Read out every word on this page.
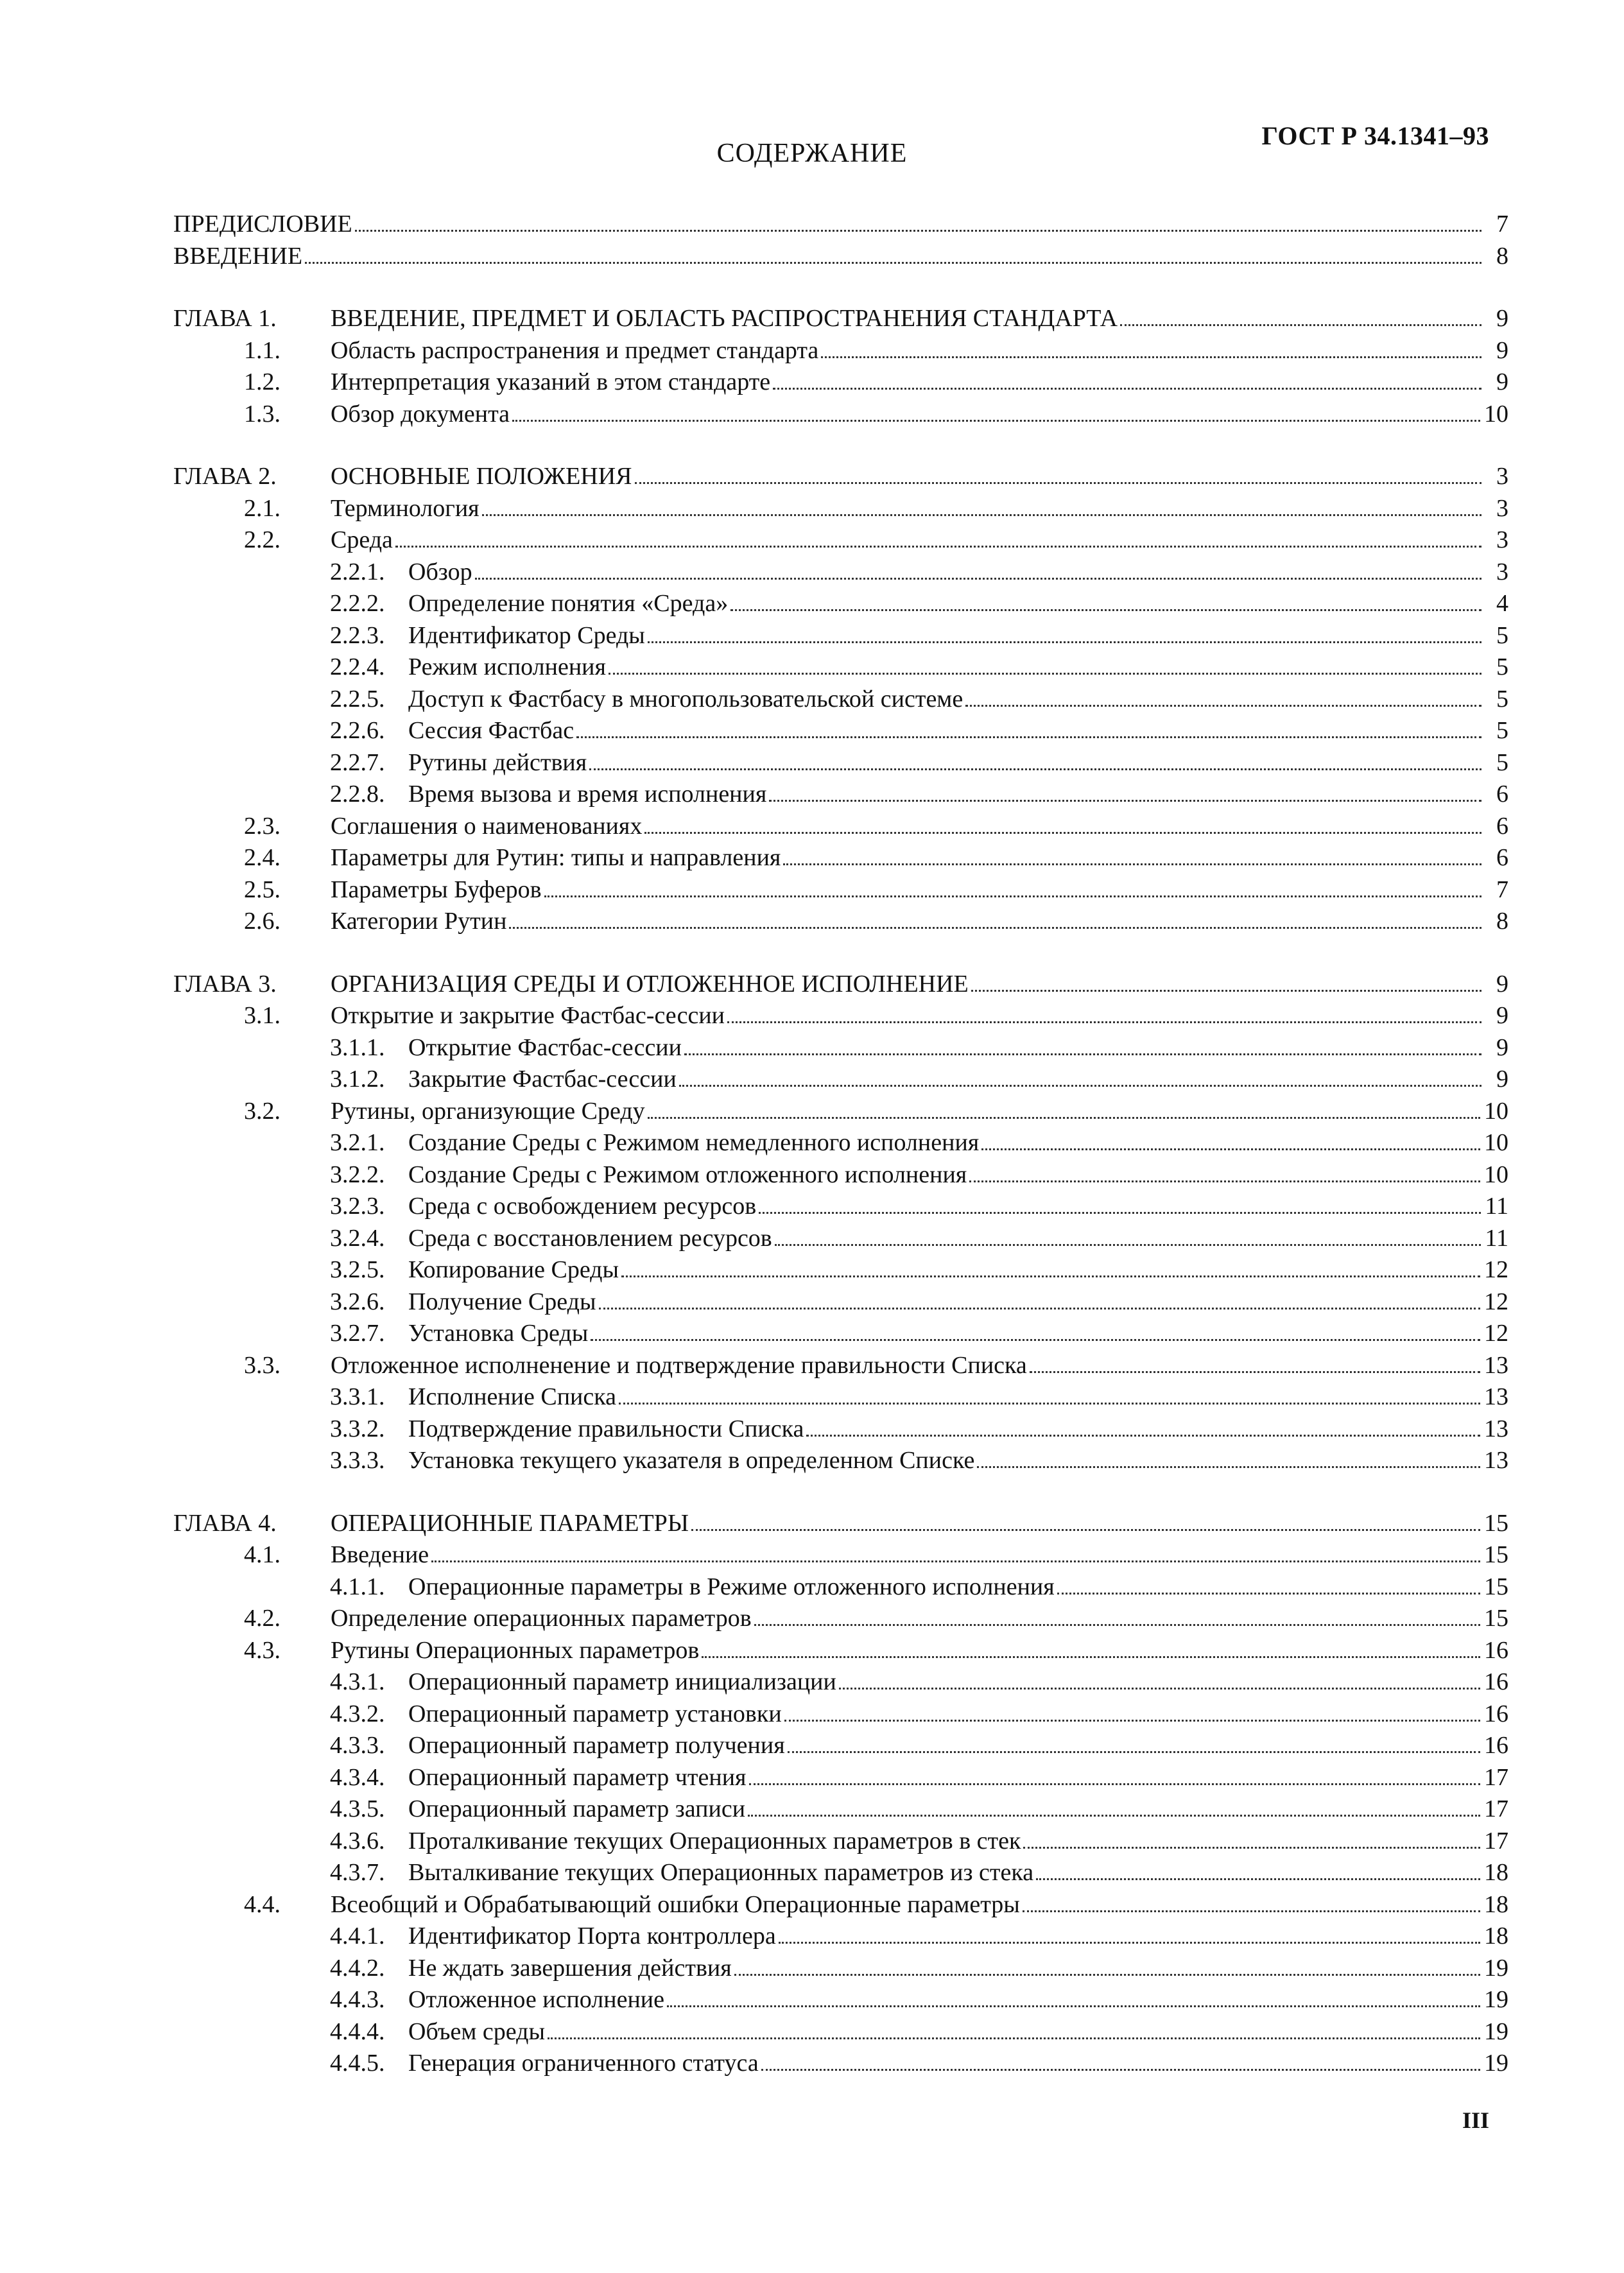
ГОСТ Р 34.1341–93
СОДЕРЖАНИЕ
ПРЕДИСЛОВИЕ	7
ВВЕДЕНИЕ	8
ГЛАВА 1. ВВЕДЕНИЕ, ПРЕДМЕТ И ОБЛАСТЬ РАСПРОСТРАНЕНИЯ СТАНДАРТА	9
1.1. Область распространения и предмет стандарта	9
1.2. Интерпретация указаний в этом стандарте	9
1.3. Обзор документа	10
ГЛАВА 2. ОСНОВНЫЕ ПОЛОЖЕНИЯ	3
2.1. Терминология	3
2.2. Среда	3
2.2.1. Обзор	3
2.2.2. Определение понятия «Среда»	4
2.2.3. Идентификатор Среды	5
2.2.4. Режим исполнения	5
2.2.5. Доступ к Фастбасу в многопользовательской системе	5
2.2.6. Сессия Фастбас	5
2.2.7. Рутины действия	5
2.2.8. Время вызова и время исполнения	6
2.3. Соглашения о наименованиях	6
2.4. Параметры для Рутин: типы и направления	6
2.5. Параметры Буферов	7
2.6. Категории Рутин	8
ГЛАВА 3. ОРГАНИЗАЦИЯ СРЕДЫ И ОТЛОЖЕННОЕ ИСПОЛНЕНИЕ	9
3.1. Открытие и закрытие Фастбас-сессии	9
3.1.1. Открытие Фастбас-сессии	9
3.1.2. Закрытие Фастбас-сессии	9
3.2. Рутины, организующие Среду	10
3.2.1. Создание Среды с Режимом немедленного исполнения	10
3.2.2. Создание Среды с Режимом отложенного исполнения	10
3.2.3. Среда с освобождением ресурсов	11
3.2.4. Среда с восстановлением ресурсов	11
3.2.5. Копирование Среды	12
3.2.6. Получение Среды	12
3.2.7. Установка Среды	12
3.3. Отложенное исполненение и подтверждение правильности Списка	13
3.3.1. Исполнение Списка	13
3.3.2. Подтверждение правильности Списка	13
3.3.3. Установка текущего указателя в определенном Списке	13
ГЛАВА 4. ОПЕРАЦИОННЫЕ ПАРАМЕТРЫ	15
4.1. Введение	15
4.1.1. Операционные параметры в Режиме отложенного исполнения	15
4.2. Определение операционных параметров	15
4.3. Рутины Операционных параметров	16
4.3.1. Операционный параметр инициализации	16
4.3.2. Операционный параметр установки	16
4.3.3. Операционный параметр получения	16
4.3.4. Операционный параметр чтения	17
4.3.5. Операционный параметр записи	17
4.3.6. Проталкивание текущих Операционных параметров в стек	17
4.3.7. Выталкивание текущих Операционных параметров из стека	18
4.4. Всеобщий и Обрабатывающий ошибки Операционные параметры	18
4.4.1. Идентификатор Порта контроллера	18
4.4.2. Не ждать завершения действия	19
4.4.3. Отложенное исполнение	19
4.4.4. Объем среды	19
4.4.5. Генерация ограниченного статуса	19
III
